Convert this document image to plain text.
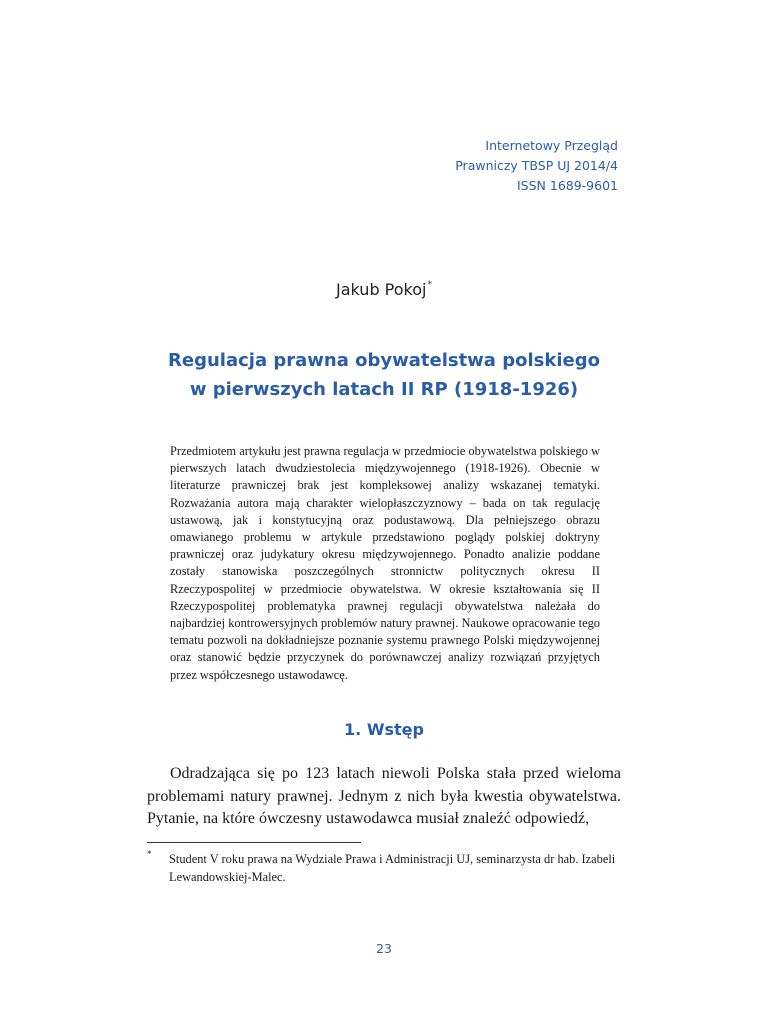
Internetowy Przegląd
Prawniczy TBSP UJ 2014/4
ISSN 1689-9601
Jakub Pokoj*
Regulacja prawna obywatelstwa polskiego
w pierwszych latach II RP (1918-1926)
Przedmiotem artykułu jest prawna regulacja w przedmiocie obywatelstwa polskiego w pierwszych latach dwudziestolecia międzywojennego (1918-1926). Obecnie w literaturze prawniczej brak jest kompleksowej analizy wskazanej tematyki. Rozważania autora mają charakter wielopłaszczyznowy – bada on tak regulację ustawową, jak i konstytucyjną oraz podustawową. Dla pełniejszego obrazu omawianego problemu w artykule przedstawiono poglądy polskiej doktryny prawniczej oraz judykatury okresu międzywojennego. Ponadto analizie poddane zostały stanowiska poszczególnych stronnictw politycznych okresu II Rzeczypospolitej w przedmiocie obywatelstwa. W okresie kształtowania się II Rzeczypospolitej problematyka prawnej regulacji obywatelstwa należała do najbardziej kontrowersyjnych problemów natury prawnej. Naukowe opracowanie tego tematu pozwoli na dokładniejsze poznanie systemu prawnego Polski międzywojennej oraz stanowić będzie przyczynek do porównawczej analizy rozwiązań przyjętych przez współczesnego ustawodawcę.
1. Wstęp

Odradzająca się po 123 latach niewoli Polska stała przed wieloma problemami natury prawnej. Jednym z nich była kwestia obywatelstwa. Pytanie, na które ówczesny ustawodawca musiał znaleźć odpowiedź,

*	Student V roku prawa na Wydziale Prawa i Administracji UJ, seminarzysta dr hab. Izabeli Lewandowskiej-Malec.
23
